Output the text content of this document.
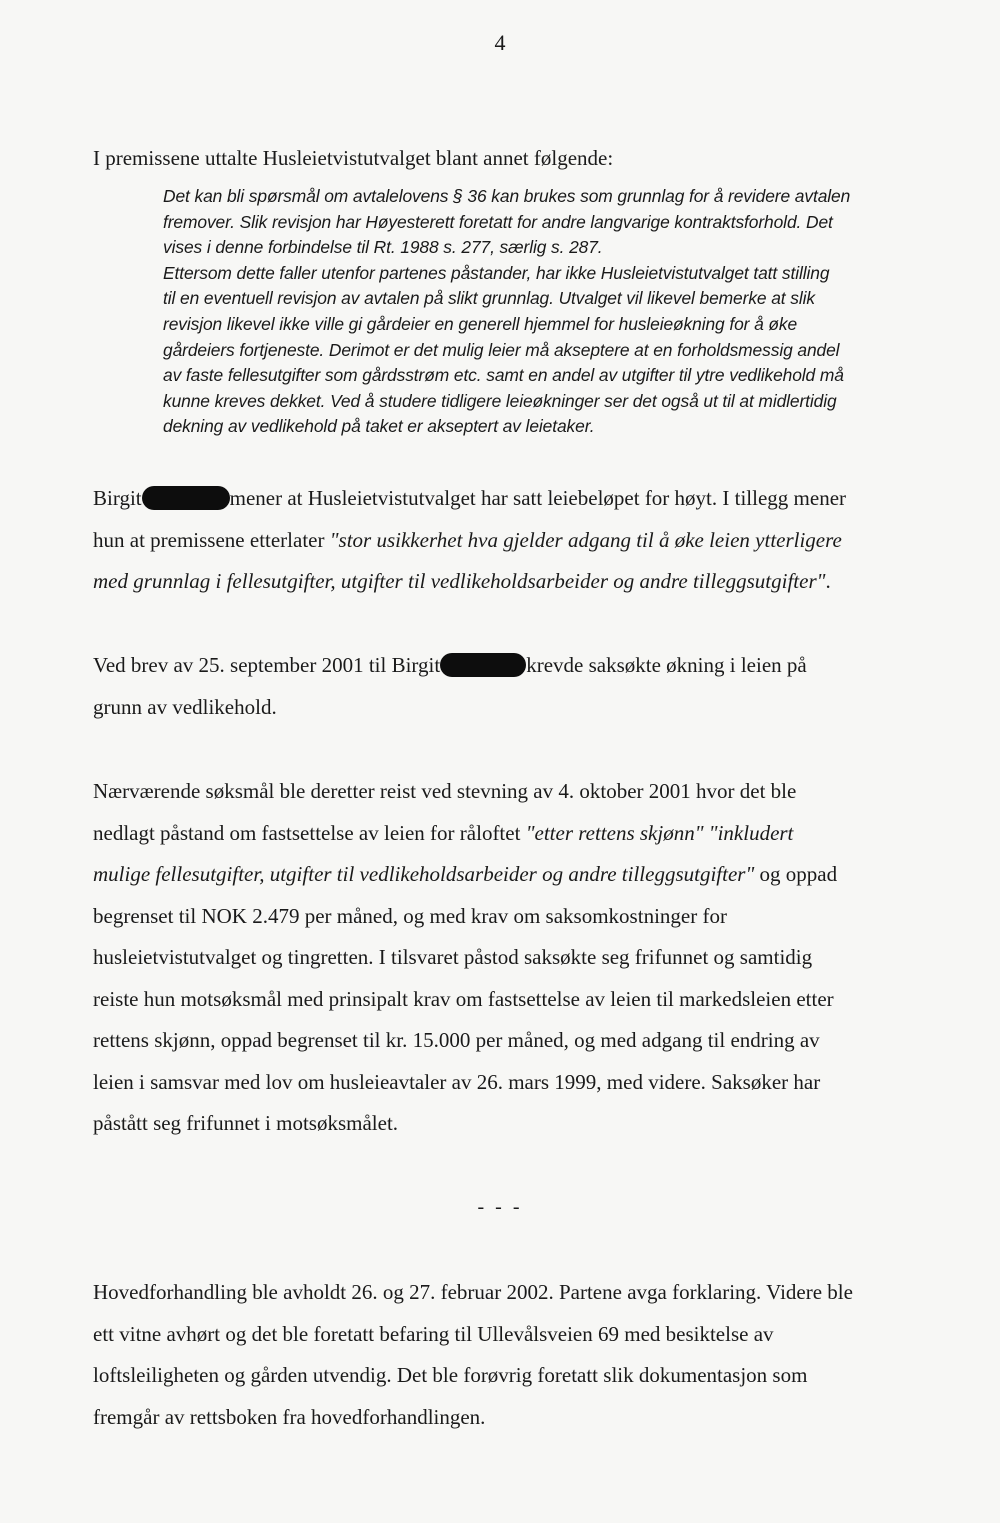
4
I premissene uttalte Husleietvistutvalget blant annet følgende:

Det kan bli spørsmål om avtalelovens § 36 kan brukes som grunnlag for å revidere avtalen

fremover. Slik revisjon har Høyesterett foretatt for andre langvarige kontraktsforhold. Det

vises i denne forbindelse til Rt. 1988 s. 277, særlig s. 287.

Ettersom dette faller utenfor partenes påstander, har ikke Husleietvistutvalget tatt stilling

til en eventuell revisjon av avtalen på slikt grunnlag. Utvalget vil likevel bemerke at slik

revisjon likevel ikke ville gi gårdeier en generell hjemmel for husleieøkning for å øke

gårdeiers fortjeneste. Derimot er det mulig leier må akseptere at en forholdsmessig andel

av faste fellesutgifter som gårdsstrøm etc. samt en andel av utgifter til ytre vedlikehold må

kunne kreves dekket. Ved å studere tidligere leieøkninger ser det også ut til at midlertidig

dekning av vedlikehold på taket er akseptert av leietaker.

Birgit	mener at Husleietvistutvalget har satt leiebeløpet for høyt. I tillegg mener

hun at premissene etterlater "stor usikkerhet hva gjelder adgang til å øke leien ytterligere

med grunnlag i fellesutgifter, utgifter til vedlikeholdsarbeider og andre tilleggsutgifter".

Ved brev av 25. september 2001 til Birgit	krevde saksøkte økning i leien på

grunn av vedlikehold.

Nærværende søksmål ble deretter reist ved stevning av 4. oktober 2001 hvor det ble

nedlagt påstand om fastsettelse av leien for råloftet "etter rettens skjønn" "inkludert

mulige fellesutgifter, utgifter til vedlikeholdsarbeider og andre tilleggsutgifter" og oppad

begrenset til NOK 2.479 per måned, og med krav om saksomkostninger for

husleietvistutvalget og tingretten. I tilsvaret påstod saksøkte seg frifunnet og samtidig

reiste hun motsøksmål med prinsipalt krav om fastsettelse av leien til markedsleien etter

rettens skjønn, oppad begrenset til kr. 15.000 per måned, og med adgang til endring av

leien i samsvar med lov om husleieavtaler av 26. mars 1999, med videre. Saksøker har

påstått seg frifunnet i motsøksmålet.

- - -

Hovedforhandling ble avholdt 26. og 27. februar 2002. Partene avga forklaring. Videre ble

ett vitne avhørt og det ble foretatt befaring til Ullevålsveien 69 med besiktelse av

loftsleiligheten og gården utvendig. Det ble forøvrig foretatt slik dokumentasjon som

fremgår av rettsboken fra hovedforhandlingen.
